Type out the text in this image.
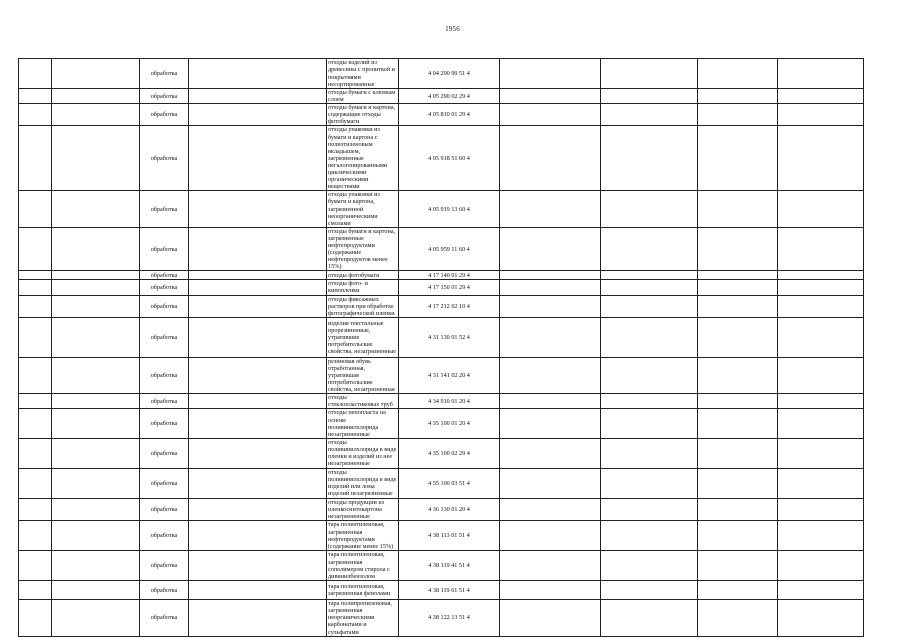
1956
		обработка		отходы изделий из древесины с пропиткой и покрытиями несортированные	4 04 290 99 51 4				
		обработка		отходы бумаги с клеевым слоем	4 05 290 02 29 4				
		обработка		отходы бумаги и картона, содержащие отходы фотобумаги	4 05 810 01 29 4				
		обработка		отходы упаковки из бумаги и картона с полиэтиленовым вкладышем, загрязненные негалогенированными циклическими органическими веществами	4 05 918 51 60 4				
		обработка		отходы упаковки из бумаги и картона, загрязненной неоорганическими смолами	4 05 919 13 60 4				
		обработка		отходы бумаги и картона, загрязненные нефтепродуктами (содержание нефтепродуктов менее 15%)	4 05 959 11 60 4				
		обработка		отходы фотобумаги	4 17 140 01 29 4				
		обработка		отходы фото- и кинопленки	4 17 150 01 29 4				
		обработка		отходы фиксажных растворов при обработке фотографической пленки	4 17 212 02 10 4				
		обработка		изделия текстильные прорезиненные, утратившие потребительские свойства, незагрязненные	4 31 130 01 52 4				
		обработка		резиновая обувь отработанная, утратившая потребительские свойства, незагрязненная	4 31 141 02 20 4				
		обработка		отходы стеклопластиковых труб	4 34 910 01 20 4				
		обработка		отходы пенопласта на основе поливинилхлорида незагрязненные	4 35 100 01 20 4				
		обработка		отходы поливинилхлорида в виде пленки и изделий из нее незагрязненные	4 35 100 02 29 4				
		обработка		отходы поливинилхлорида в виде изделий или лома изделий незагрязненные	4 35 100 03 51 4				
		обработка		отходы продукции из пленкосинтокартона незагрязненные	4 36 130 01 20 4				
		обработка		тара полиэтиленовая, загрязненная нефтепродуктами (содержание менее 15%)	4 38 113 01 51 4				
		обработка		тара полиэтиленовая, загрязненная сополимером стирола с дивинилбензолом	4 38 119 41 51 4				
		обработка		тара полиэтиленовая, загрязненная фенолами	4 38 119 61 51 4				
		обработка		тара полипропиленовая, загрязненная неорганическими карбонатами и сульфатами	4 38 122 13 51 4				
